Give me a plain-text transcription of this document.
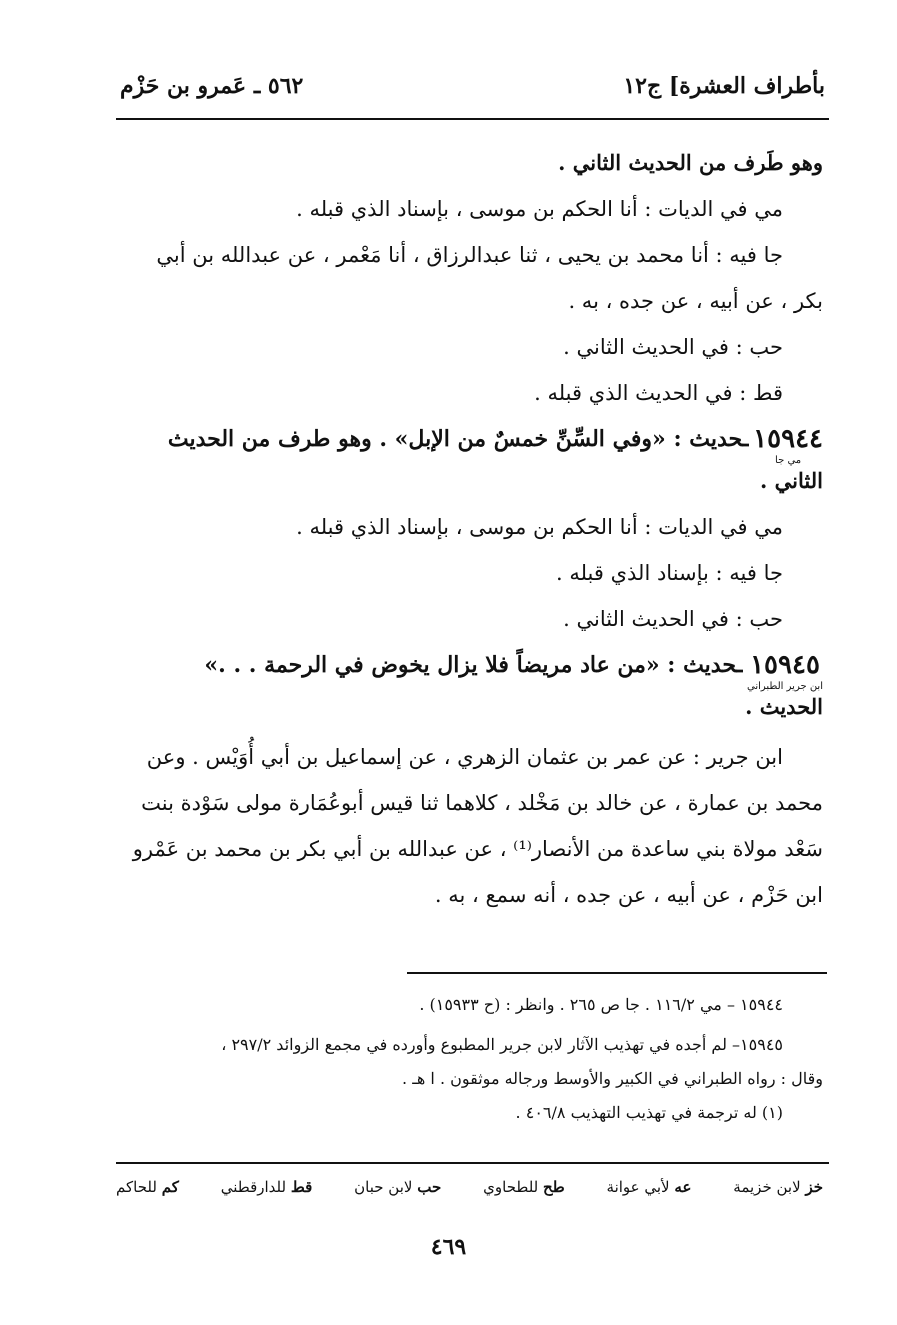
بأطراف العشرة] ج١٢
٥٦٢ ـ عَمرو بن حَزْم
وهو طَرف من الحديث الثاني .
مي في الديات : أنا الحكم بن موسى ، بإسناد الذي قبله .
جا فيه : أنا محمد بن يحيى ، ثنا عبدالرزاق ، أنا مَعْمر ، عن عبدالله بن أبي
بكر ، عن أبيه ، عن جده ، به .
حب : في الحديث الثاني .
قط : في الحديث الذي قبله .
١٥٩٤٤
مي جا
ـحديث : «وفي السِّنِّ خمسٌ من الإبل» . وهو طرف من الحديث
الثاني .
مي في الديات : أنا الحكم بن موسى ، بإسناد الذي قبله .
جا فيه : بإسناد الذي قبله .
حب : في الحديث الثاني .
١٥٩٤٥
ابن جرير الطبراني
ـحديث : «من عاد مريضاً فلا يزال يخوض في الرحمة . . .»
الحديث .
ابن جرير : عن عمر بن عثمان الزهري ، عن إسماعيل بن أبي أُوَيْس . وعن
محمد بن عمارة ، عن خالد بن مَخْلد ، كلاهما ثنا قيس أبوعُمَارة مولى سَوْدة بنت
سَعْد مولاة بني ساعدة من الأنصار⁽¹⁾ ، عن عبدالله بن أبي بكر بن محمد بن عَمْرو
ابن حَزْم ، عن أبيه ، عن جده ، أنه سمع ، به .
١٥٩٤٤ – مي ١١٦/٢ . جا ص ٢٦٥ . وانظر : (ح ١٥٩٣٣) .
١٥٩٤٥– لم أجده في تهذيب الآثار لابن جرير المطبوع وأورده في مجمع الزوائد ٢٩٧/٢ ،
وقال : رواه الطبراني في الكبير والأوسط ورجاله موثقون . ا هـ .
(١) له ترجمة في تهذيب التهذيب ٤٠٦/٨ .
خز لابن خزيمة
عه لأبي عوانة
طح للطحاوي
حب لابن حبان
قط للدارقطني
كم للحاكم
٤٦٩
